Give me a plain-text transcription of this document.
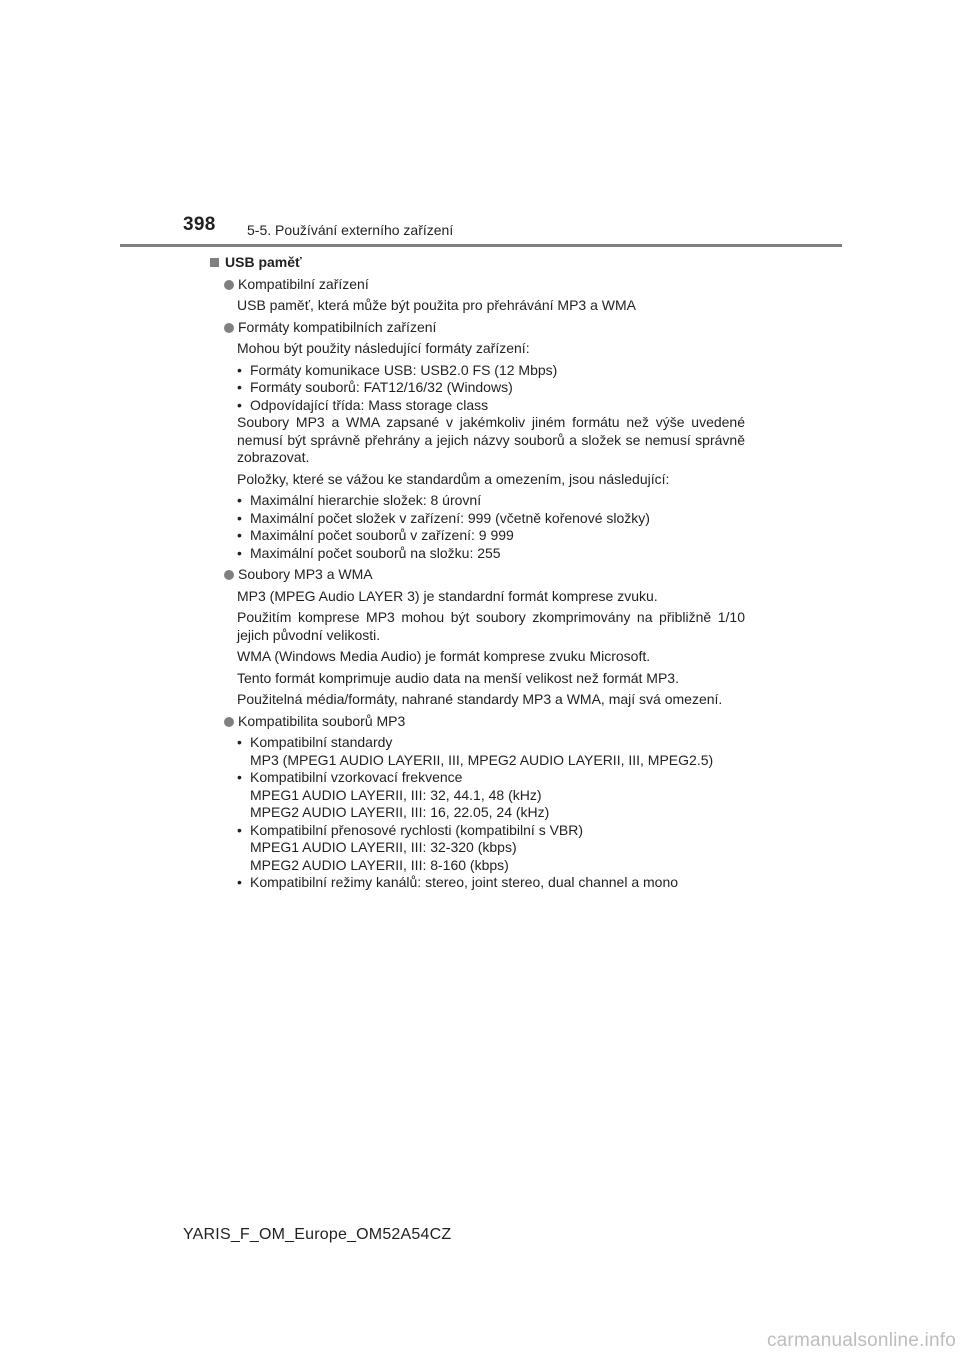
398 5-5. Používání externího zařízení
USB paměť
Kompatibilní zařízení
USB paměť, která může být použita pro přehrávání MP3 a WMA
Formáty kompatibilních zařízení
Mohou být použity následující formáty zařízení:
• Formáty komunikace USB: USB2.0 FS (12 Mbps)
• Formáty souborů: FAT12/16/32 (Windows)
• Odpovídající třída: Mass storage class
Soubory MP3 a WMA zapsané v jakémkoliv jiném formátu než výše uvedené nemusí být správně přehrány a jejich názvy souborů a složek se nemusí správně zobrazovat.
Položky, které se vážou ke standardům a omezením, jsou následující:
• Maximální hierarchie složek: 8 úrovní
• Maximální počet složek v zařízení: 999 (včetně kořenové složky)
• Maximální počet souborů v zařízení: 9 999
• Maximální počet souborů na složku: 255
Soubory MP3 a WMA
MP3 (MPEG Audio LAYER 3) je standardní formát komprese zvuku.
Použitím komprese MP3 mohou být soubory zkomprimovány na přibližně 1/10 jejich původní velikosti.
WMA (Windows Media Audio) je formát komprese zvuku Microsoft.
Tento formát komprimuje audio data na menší velikost než formát MP3.
Použitelná média/formáty, nahrané standardy MP3 a WMA, mají svá omezení.
Kompatibilita souborů MP3
• Kompatibilní standardy
MP3 (MPEG1 AUDIO LAYERII, III, MPEG2 AUDIO LAYERII, III, MPEG2.5)
• Kompatibilní vzorkovací frekvence
MPEG1 AUDIO LAYERII, III: 32, 44.1, 48 (kHz)
MPEG2 AUDIO LAYERII, III: 16, 22.05, 24 (kHz)
• Kompatibilní přenosové rychlosti (kompatibilní s VBR)
MPEG1 AUDIO LAYERII, III: 32-320 (kbps)
MPEG2 AUDIO LAYERII, III: 8-160 (kbps)
• Kompatibilní režimy kanálů: stereo, joint stereo, dual channel a mono
YARIS_F_OM_Europe_OM52A54CZ
carmanualsonline.info
